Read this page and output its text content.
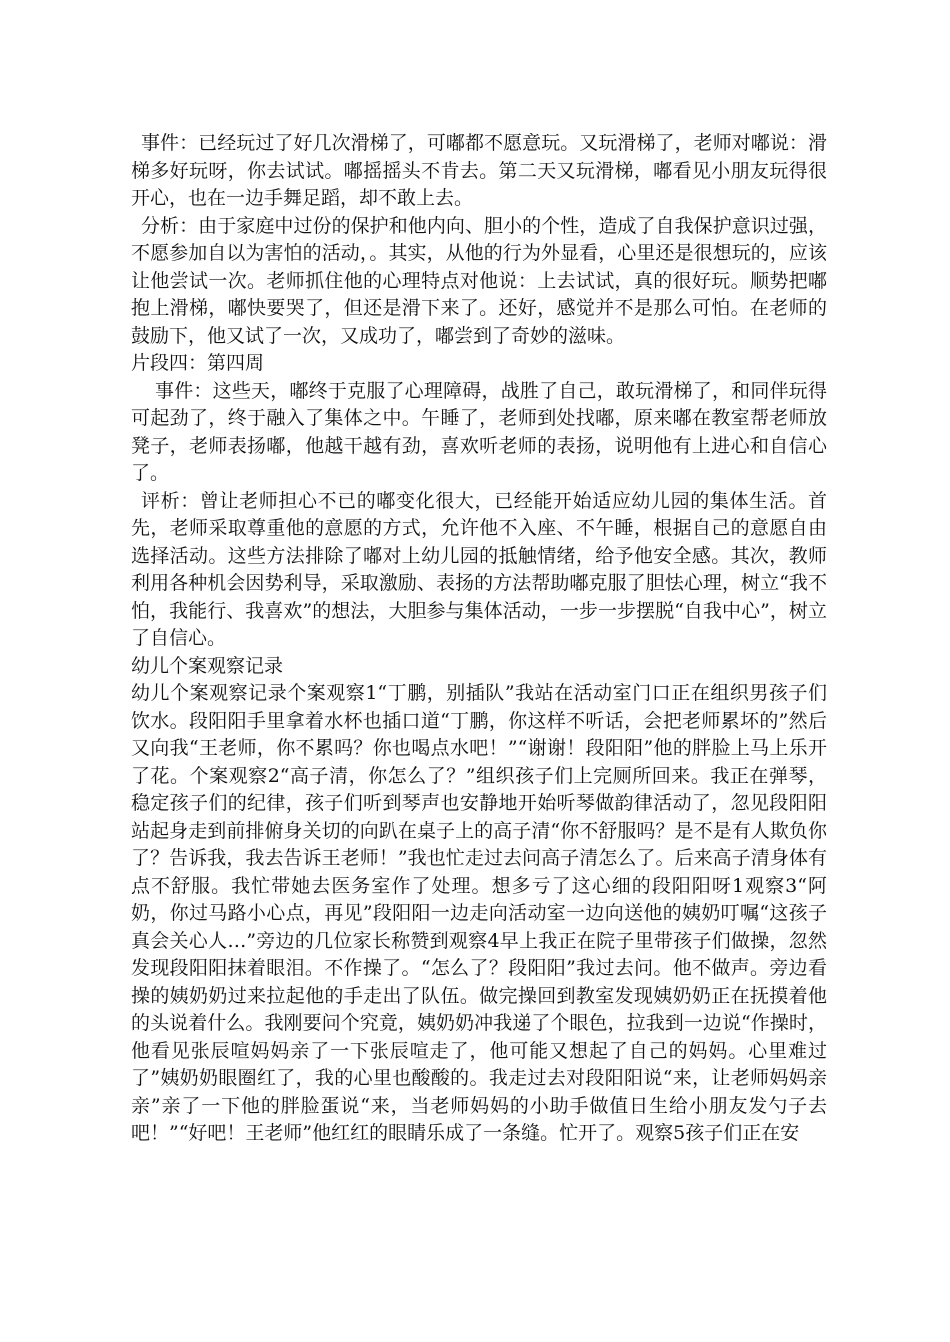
事件：已经玩过了好几次滑梯了，可嘟都不愿意玩。又玩滑梯了，老师对嘟说：滑梯多好玩呀，你去试试。嘟摇摇头不肯去。第二天又玩滑梯，嘟看见小朋友玩得很开心，也在一边手舞足蹈，却不敢上去。

分析：由于家庭中过份的保护和他内向、胆小的个性，造成了自我保护意识过强，不愿参加自以为害怕的活动，。其实，从他的行为外显看，心里还是很想玩的，应该让他尝试一次。老师抓住他的心理特点对他说：上去试试，真的很好玩。顺势把嘟抱上滑梯，嘟快要哭了，但还是滑下来了。还好，感觉并不是那么可怕。在老师的鼓励下，他又试了一次，又成功了，嘟尝到了奇妙的滋味。

片段四：第四周

事件：这些天，嘟终于克服了心理障碍，战胜了自己，敢玩滑梯了，和同伴玩得可起劲了，终于融入了集体之中。午睡了，老师到处找嘟，原来嘟在教室帮老师放凳子，老师表扬嘟，他越干越有劲，喜欢听老师的表扬，说明他有上进心和自信心了。

评析：曾让老师担心不已的嘟变化很大，已经能开始适应幼儿园的集体生活。首先，老师采取尊重他的意愿的方式，允许他不入座、不午睡，根据自己的意愿自由选择活动。这些方法排除了嘟对上幼儿园的抵触情绪，给予他安全感。其次，教师利用各种机会因势利导，采取激励、表扬的方法帮助嘟克服了胆怯心理，树立“我不怕，我能行、我喜欢”的想法，大胆参与集体活动，一步一步摆脱“自我中心”，树立了自信心。

幼儿个案观察记录

幼儿个案观察记录个案观察1“丁鹏，别插队”我站在活动室门口正在组织男孩子们饮水。段阳阳手里拿着水杯也插口道“丁鹏，你这样不听话，会把老师累坏的”然后又向我“王老师，你不累吗？你也喝点水吧！”“谢谢！段阳阳”他的胖脸上马上乐开了花。个案观察2“高子清，你怎么了？”组织孩子们上完厕所回来。我正在弹琴，稳定孩子们的纪律，孩子们听到琴声也安静地开始听琴做韵律活动了，忽见段阳阳站起身走到前排俯身关切的向趴在桌子上的高子清“你不舒服吗？是不是有人欺负你了？告诉我，我去告诉王老师！”我也忙走过去问高子清怎么了。后来高子清身体有点不舒服。我忙带她去医务室作了处理。想多亏了这心细的段阳阳呀1观察3“阿奶，你过马路小心点，再见”段阳阳一边走向活动室一边向送他的姨奶叮嘱“这孩子真会关心人…”旁边的几位家长称赞到观察4早上我正在院子里带孩子们做操，忽然发现段阳阳抹着眼泪。不作操了。“怎么了？段阳阳”我过去问。他不做声。旁边看操的姨奶奶过来拉起他的手走出了队伍。做完操回到教室发现姨奶奶正在抚摸着他的头说着什么。我刚要问个究竟，姨奶奶冲我递了个眼色，拉我到一边说“作操时，他看见张辰喧妈妈亲了一下张辰喧走了，他可能又想起了自己的妈妈。心里难过了”姨奶奶眼圈红了，我的心里也酸酸的。我走过去对段阳阳说“来，让老师妈妈亲亲”亲了一下他的胖脸蛋说“来，当老师妈妈的小助手做值日生给小朋友发勺子去吧！”“好吧！王老师”他红红的眼睛乐成了一条缝。忙开了。观察5孩子们正在安
